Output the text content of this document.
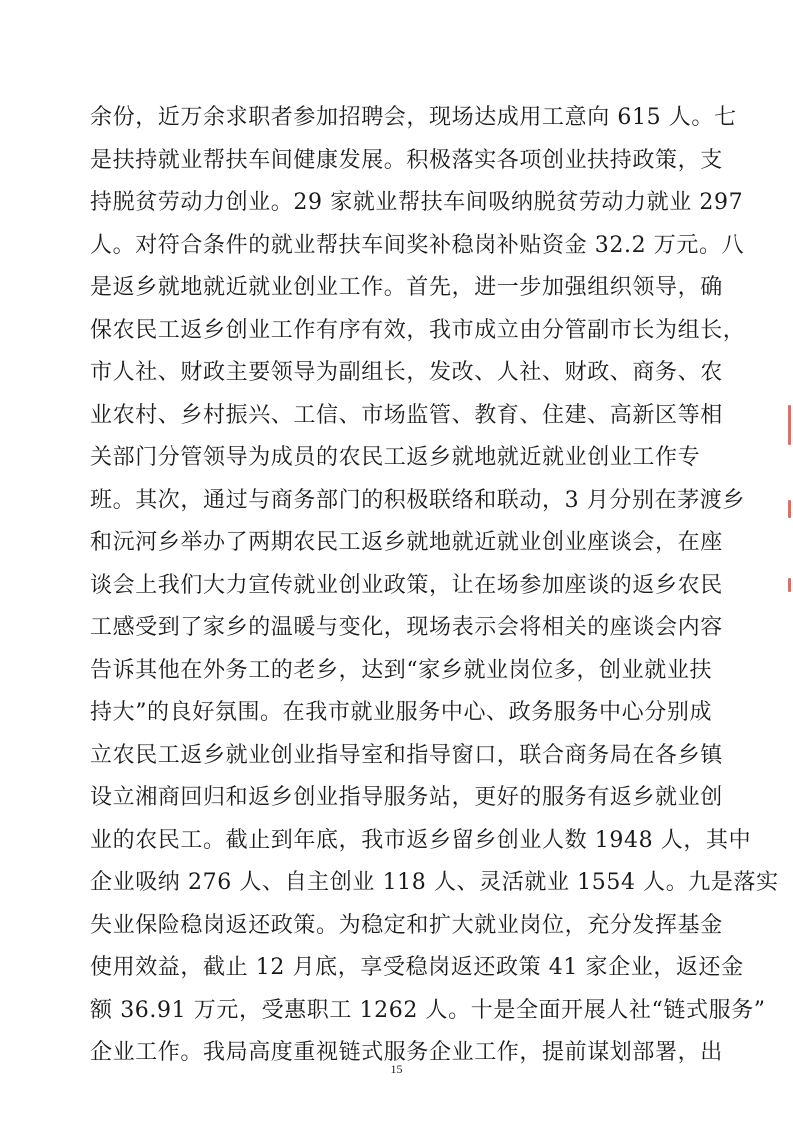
余份，近万余求职者参加招聘会，现场达成用工意向 615 人。七
是扶持就业帮扶车间健康发展。积极落实各项创业扶持政策，支
持脱贫劳动力创业。29 家就业帮扶车间吸纳脱贫劳动力就业 297
人。对符合条件的就业帮扶车间奖补稳岗补贴资金 32.2 万元。八
是返乡就地就近就业创业工作。首先，进一步加强组织领导，确
保农民工返乡创业工作有序有效，我市成立由分管副市长为组长，
市人社、财政主要领导为副组长，发改、人社、财政、商务、农
业农村、乡村振兴、工信、市场监管、教育、住建、高新区等相
关部门分管领导为成员的农民工返乡就地就近就业创业工作专
班。其次，通过与商务部门的积极联络和联动，3 月分别在茅渡乡
和沅河乡举办了两期农民工返乡就地就近就业创业座谈会，在座
谈会上我们大力宣传就业创业政策，让在场参加座谈的返乡农民
工感受到了家乡的温暖与变化，现场表示会将相关的座谈会内容
告诉其他在外务工的老乡，达到“家乡就业岗位多，创业就业扶
持大”的良好氛围。在我市就业服务中心、政务服务中心分别成
立农民工返乡就业创业指导室和指导窗口，联合商务局在各乡镇
设立湘商回归和返乡创业指导服务站，更好的服务有返乡就业创
业的农民工。截止到年底，我市返乡留乡创业人数 1948 人，其中
企业吸纳 276 人、自主创业 118 人、灵活就业 1554 人。九是落实
失业保险稳岗返还政策。为稳定和扩大就业岗位，充分发挥基金
使用效益，截止 12 月底，享受稳岗返还政策 41 家企业，返还金
额 36.91 万元，受惠职工 1262 人。十是全面开展人社“链式服务”
企业工作。我局高度重视链式服务企业工作，提前谋划部署，出
15
